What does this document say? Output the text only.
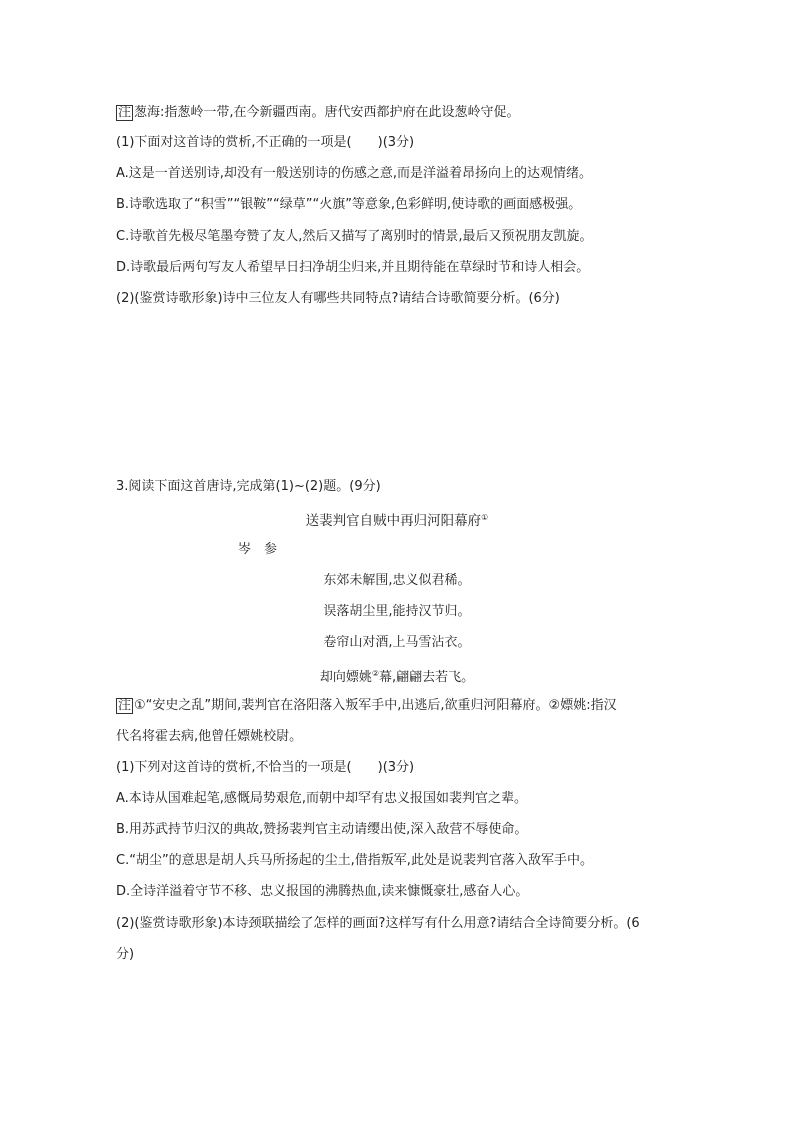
注 葱海:指葱岭一带,在今新疆西南。唐代安西都护府在此设葱岭守促。
(1)下面对这首诗的赏析,不正确的一项是(　　)(3分)
A.这是一首送别诗,却没有一般送别诗的伤感之意,而是洋溢着昂扬向上的达观情绪。
B.诗歌选取了“积雪”“银鞍”“绿草”“火旗”等意象,色彩鲜明,使诗歌的画面感极强。
C.诗歌首先极尽笔墨夸赞了友人,然后又描写了离别时的情景,最后又预祝朋友凯旋。
D.诗歌最后两句写友人希望早日扫净胡尘归来,并且期待能在草绿时节和诗人相会。
(2)(鉴赏诗歌形象)诗中三位友人有哪些共同特点?请结合诗歌简要分析。(6分)
3.阅读下面这首唐诗,完成第(1)~(2)题。(9分)
送裴判官自贼中再归河阳幕府①
岑　参
东郊未解围,忠义似君稀。
误落胡尘里,能持汉节归。
卷帘山对酒,上马雪沾衣。
却向嫖姚②幕,翩翩去若飞。
注 ①“安史之乱”期间,裴判官在洛阳落入叛军手中,出逃后,欲重归河阳幕府。②嫖姚:指汉
代名将霍去病,他曾任嫖姚校尉。
(1)下列对这首诗的赏析,不恰当的一项是(　　)(3分)
A.本诗从国难起笔,感慨局势艰危,而朝中却罕有忠义报国如裴判官之辈。
B.用苏武持节归汉的典故,赞扬裴判官主动请缨出使,深入敌营不辱使命。
C.“胡尘”的意思是胡人兵马所扬起的尘土,借指叛军,此处是说裴判官落入敌军手中。
D.全诗洋溢着守节不移、忠义报国的沸腾热血,读来慷慨豪壮,感奋人心。
(2)(鉴赏诗歌形象)本诗颈联描绘了怎样的画面?这样写有什么用意?请结合全诗简要分析。(6
分)
